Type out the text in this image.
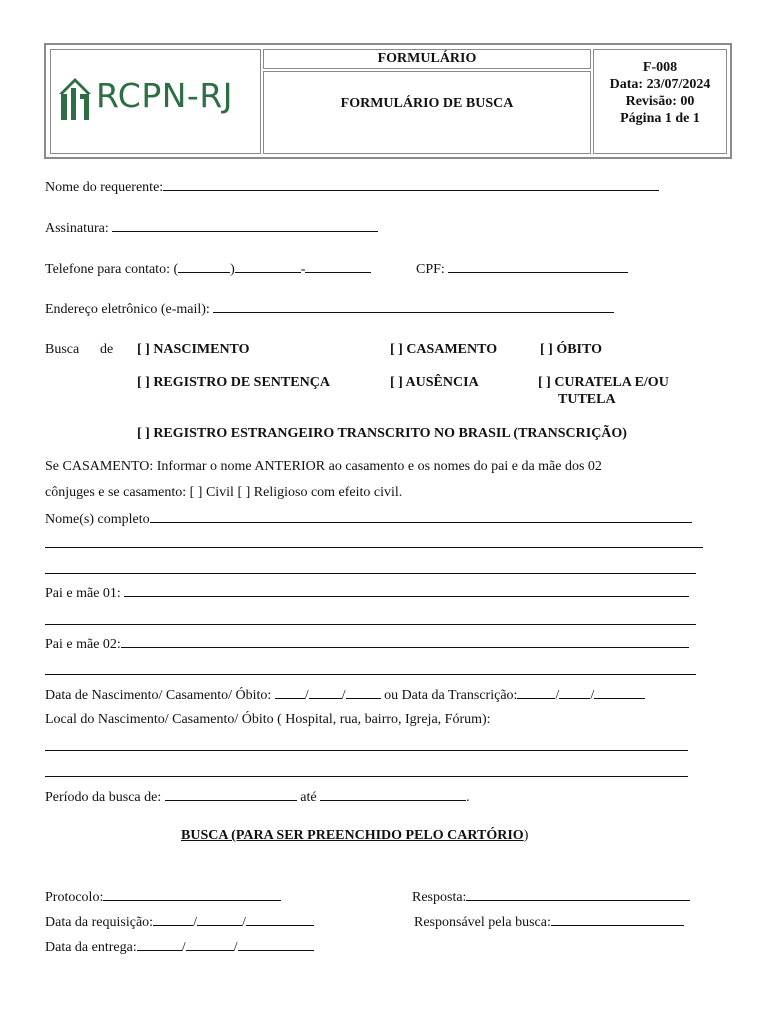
RCPN-RJ
FORMULÁRIO
FORMULÁRIO DE BUSCA
F-008
Data: 23/07/2024
Revisão: 00
Página 1 de 1
Nome do requerente:
Assinatura:
Telefone para contato: (	)	-	CPF:
Endereço eletrônico (e-mail):
Busca de [ ] NASCIMENTO	[ ] CASAMENTO	[ ] ÓBITO
[ ] REGISTRO DE SENTENÇA	[ ] AUSÊNCIA	[ ] CURATELA E/OU
TUTELA
[ ] REGISTRO ESTRANGEIRO TRANSCRITO NO BRASIL (TRANSCRIÇÃO)
Se CASAMENTO: Informar o nome ANTERIOR ao casamento e os nomes do pai e da mãe dos 02
cônjuges e se casamento: [ ] Civil [ ] Religioso com efeito civil.
Nome(s) completo
Pai e mãe 01:
Pai e mãe 02:
Data de Nascimento/ Casamento/ Óbito: / /	ou Data da Transcrição:	/ /
Local do Nascimento/ Casamento/ Óbito ( Hospital, rua, bairro, Igreja, Fórum):
Período da busca de:	até	.
BUSCA (PARA SER PREENCHIDO PELO CARTÓRIO)
Protocolo:	Resposta:
Data da requisição:	/	/	Responsável pela busca:
Data da entrega:	/	/
